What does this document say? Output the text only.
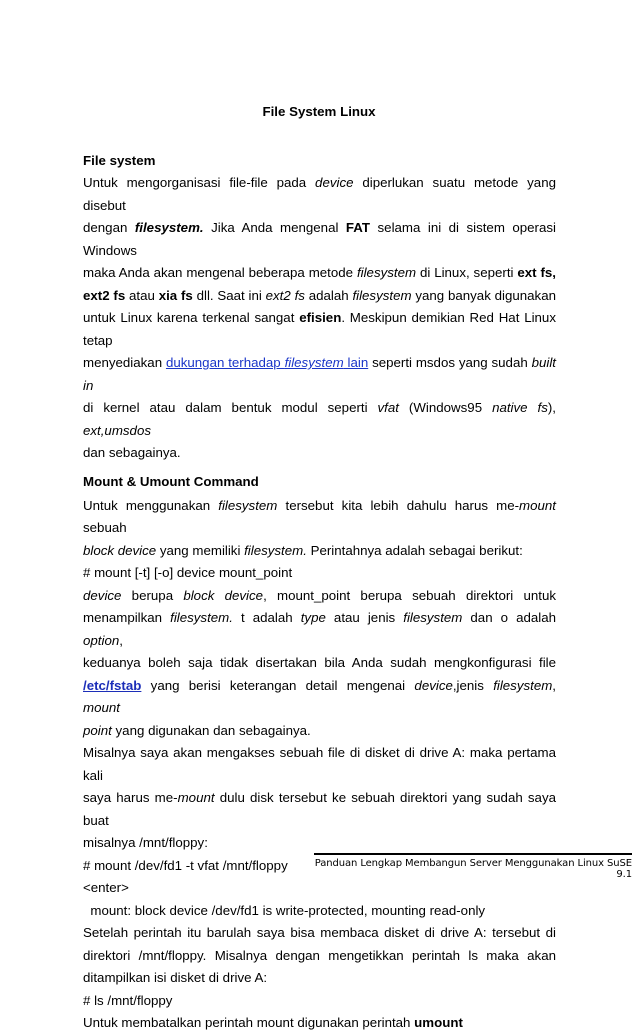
File System Linux
File system
Untuk mengorganisasi file-file pada device diperlukan suatu metode yang disebut
dengan filesystem. Jika Anda mengenal FAT selama ini di sistem operasi Windows
maka Anda akan mengenal beberapa metode filesystem di Linux, seperti ext fs,
ext2 fs atau xia fs dll. Saat ini ext2 fs adalah filesystem yang banyak digunakan
untuk Linux karena terkenal sangat efisien. Meskipun demikian Red Hat Linux tetap
menyediakan dukungan terhadap filesystem lain seperti msdos yang sudah built in
di kernel atau dalam bentuk modul seperti vfat (Windows95 native fs), ext,umsdos
dan sebagainya.
Mount & Umount Command
Untuk menggunakan filesystem tersebut kita lebih dahulu harus me-mount sebuah
block device yang memiliki filesystem. Perintahnya adalah sebagai berikut:
# mount [-t] [-o] device mount_point
device berupa block device, mount_point berupa sebuah direktori untuk
menampilkan filesystem. t adalah type atau jenis filesystem dan o adalah option,
keduanya boleh saja tidak disertakan bila Anda sudah mengkonfigurasi file
/etc/fstab yang berisi keterangan detail mengenai device,jenis filesystem, mount
point yang digunakan dan sebagainya.
Misalnya saya akan mengakses sebuah file di disket di drive A: maka pertama kali
saya harus me-mount dulu disk tersebut ke sebuah direktori yang sudah saya buat
misalnya /mnt/floppy:
# mount /dev/fd1 -t vfat /mnt/floppy
<enter>
mount: block device /dev/fd1 is write-protected, mounting read-only
Setelah perintah itu barulah saya bisa membaca disket di drive A: tersebut di
direktori /mnt/floppy. Misalnya dengan mengetikkan perintah ls maka akan
ditampilkan isi disket di drive A:
# ls /mnt/floppy
Untuk membatalkan perintah mount digunakan perintah umount
Panduan Lengkap Membangun Server Menggunakan Linux SuSE 9.1
